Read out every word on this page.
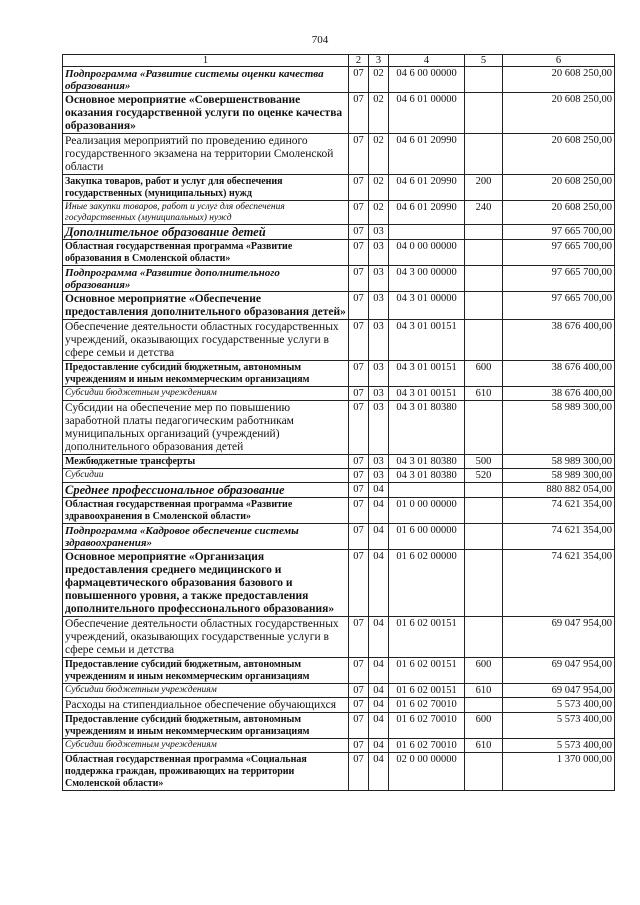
704
1	2	3	4	5	6
Подпрограмма «Развитие системы оценки качества образования»	07	02	04 6 00 00000		20 608 250,00
Основное мероприятие «Совершенствование оказания государственной услуги по оценке качества образования»	07	02	04 6 01 00000		20 608 250,00
Реализация мероприятий по проведению единого государственного экзамена на территории Смоленской области	07	02	04 6 01 20990		20 608 250,00
Закупка товаров, работ и услуг для обеспечения государственных (муниципальных) нужд	07	02	04 6 01 20990	200	20 608 250,00
Иные закупки товаров, работ и услуг для обеспечения государственных (муниципальных) нужд	07	02	04 6 01 20990	240	20 608 250,00
Дополнительное образование детей	07	03			97 665 700,00
Областная государственная программа «Развитие образования в Смоленской области»	07	03	04 0 00 00000		97 665 700,00
Подпрограмма «Развитие дополнительного образования»	07	03	04 3 00 00000		97 665 700,00
Основное мероприятие «Обеспечение предоставления дополнительного образования детей»	07	03	04 3 01 00000		97 665 700,00
Обеспечение деятельности областных государственных учреждений, оказывающих государственные услуги в сфере семьи и детства	07	03	04 3 01 00151		38 676 400,00
Предоставление субсидий бюджетным, автономным учреждениям и иным некоммерческим организациям	07	03	04 3 01 00151	600	38 676 400,00
Субсидии бюджетным учреждениям	07	03	04 3 01 00151	610	38 676 400,00
Субсидии на обеспечение мер по повышению заработной платы педагогическим работникам муниципальных организаций (учреждений) дополнительного образования детей	07	03	04 3 01 80380		58 989 300,00
Межбюджетные трансферты	07	03	04 3 01 80380	500	58 989 300,00
Субсидии	07	03	04 3 01 80380	520	58 989 300,00
Среднее профессиональное образование	07	04			880 882 054,00
Областная государственная программа «Развитие здравоохранения в Смоленской области»	07	04	01 0 00 00000		74 621 354,00
Подпрограмма «Кадровое обеспечение системы здравоохранения»	07	04	01 6 00 00000		74 621 354,00
Основное мероприятие «Организация предоставления среднего медицинского и фармацевтического образования базового и повышенного уровня, а также предоставления дополнительного профессионального образования»	07	04	01 6 02 00000		74 621 354,00
Обеспечение деятельности областных государственных учреждений, оказывающих государственные услуги в сфере семьи и детства	07	04	01 6 02 00151		69 047 954,00
Предоставление субсидий бюджетным, автономным учреждениям и иным некоммерческим организациям	07	04	01 6 02 00151	600	69 047 954,00
Субсидии бюджетным учреждениям	07	04	01 6 02 00151	610	69 047 954,00
Расходы на стипендиальное обеспечение обучающихся	07	04	01 6 02 70010		5 573 400,00
Предоставление субсидий бюджетным, автономным учреждениям и иным некоммерческим организациям	07	04	01 6 02 70010	600	5 573 400,00
Субсидии бюджетным учреждениям	07	04	01 6 02 70010	610	5 573 400,00
Областная государственная программа «Социальная поддержка граждан, проживающих на территории Смоленской области»	07	04	02 0 00 00000		1 370 000,00
